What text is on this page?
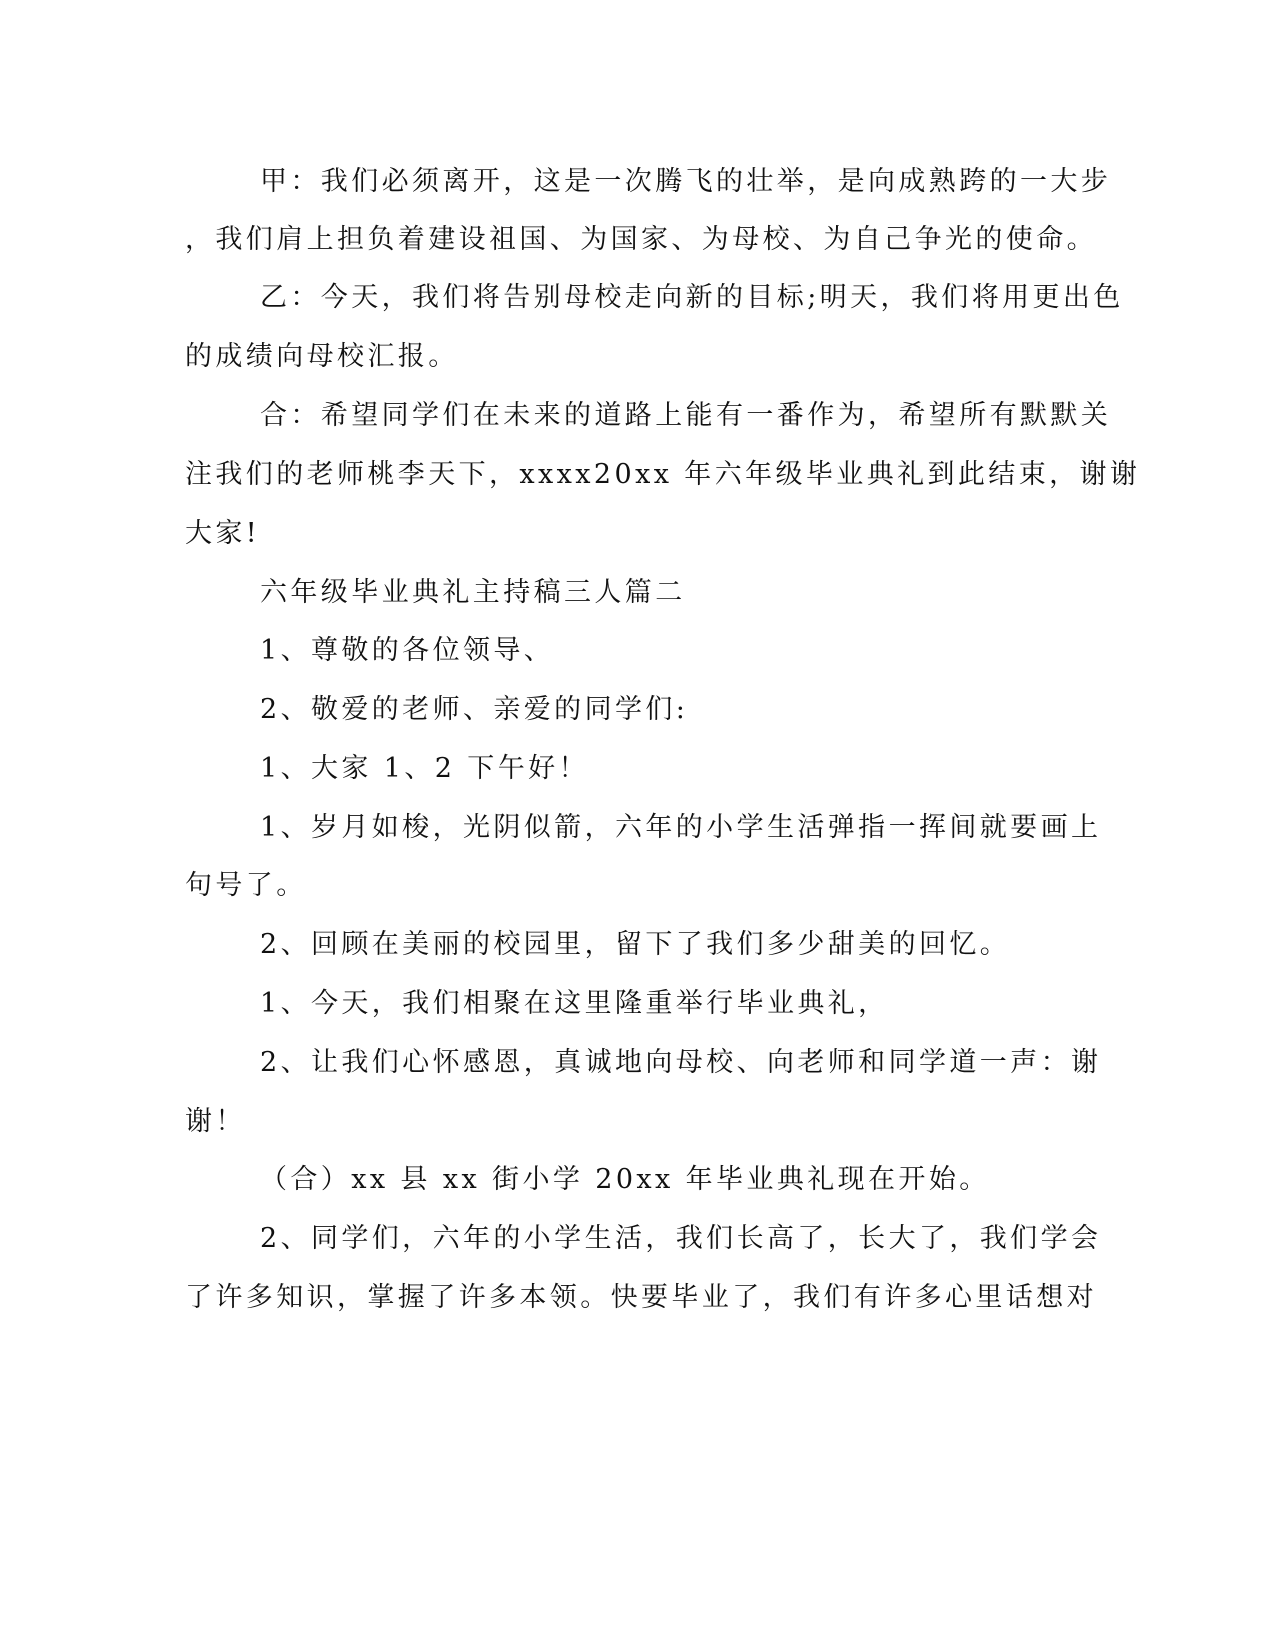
甲：我们必须离开，这是一次腾飞的壮举，是向成熟跨的一大步
，我们肩上担负着建设祖国、为国家、为母校、为自己争光的使命。
乙：今天，我们将告别母校走向新的目标;明天，我们将用更出色
的成绩向母校汇报。
合：希望同学们在未来的道路上能有一番作为，希望所有默默关
注我们的老师桃李天下，xxxx20xx 年六年级毕业典礼到此结束，谢谢
大家!
六年级毕业典礼主持稿三人篇二
1、尊敬的各位领导、
2、敬爱的老师、亲爱的同学们:
1、大家 1、2 下午好！
1、岁月如梭，光阴似箭，六年的小学生活弹指一挥间就要画上
句号了。
2、回顾在美丽的校园里，留下了我们多少甜美的回忆。
1、今天，我们相聚在这里隆重举行毕业典礼，
2、让我们心怀感恩，真诚地向母校、向老师和同学道一声：谢
谢！
（合）xx 县 xx 街小学 20xx 年毕业典礼现在开始。
2、同学们，六年的小学生活，我们长高了，长大了，我们学会
了许多知识，掌握了许多本领。快要毕业了，我们有许多心里话想对
